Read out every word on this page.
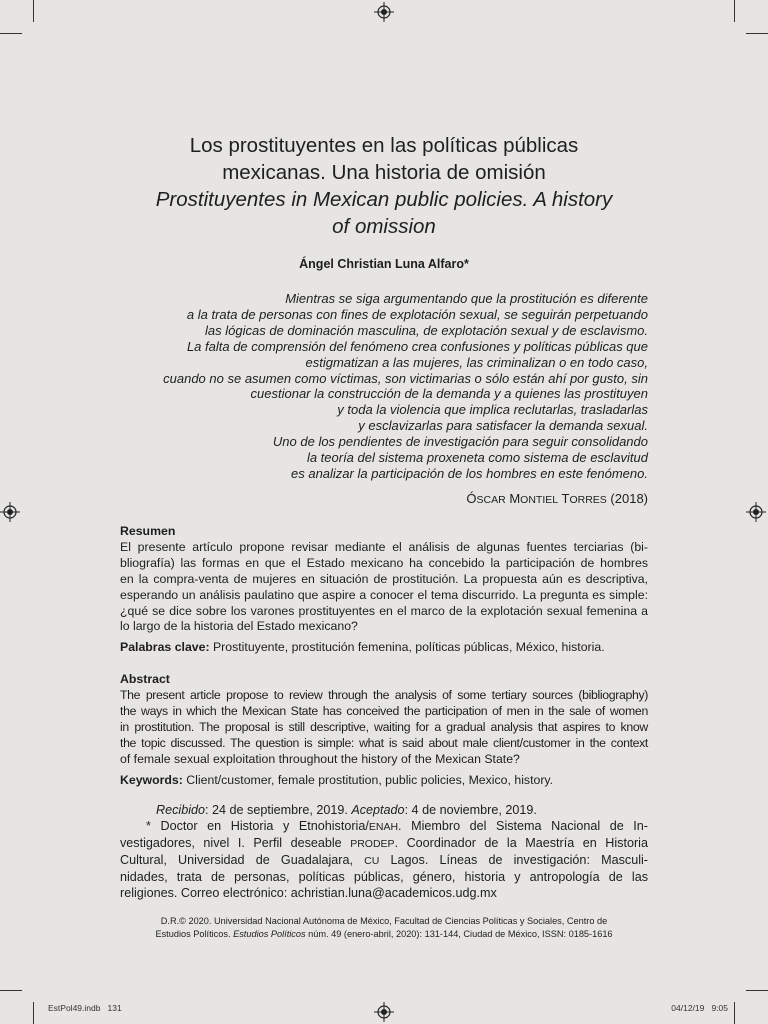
Los prostituyentes en las políticas públicas
mexicanas. Una historia de omisión
Prostituyentes in Mexican public policies. A history
of omission
Ángel Christian Luna Alfaro*
Mientras se siga argumentando que la prostitución es diferente
a la trata de personas con fines de explotación sexual, se seguirán perpetuando
las lógicas de dominación masculina, de explotación sexual y de esclavismo.
La falta de comprensión del fenómeno crea confusiones y políticas públicas que
estigmatizan a las mujeres, las criminalizan o en todo caso,
cuando no se asumen como víctimas, son victimarias o sólo están ahí por gusto, sin
cuestionar la construcción de la demanda y a quienes las prostituyen
y toda la violencia que implica reclutarlas, trasladarlas
y esclavizarlas para satisfacer la demanda sexual.
Uno de los pendientes de investigación para seguir consolidando
la teoría del sistema proxeneta como sistema de esclavitud
es analizar la participación de los hombres en este fenómeno.
ÓSCAR MONTIEL TORRES (2018)
Resumen
El presente artículo propone revisar mediante el análisis de algunas fuentes terciarias (bi-
bliografía) las formas en que el Estado mexicano ha concebido la participación de hombres
en la compra-venta de mujeres en situación de prostitución. La propuesta aún es descriptiva,
esperando un análisis paulatino que aspire a conocer el tema discurrido. La pregunta es simple:
¿qué se dice sobre los varones prostituyentes en el marco de la explotación sexual femenina a
lo largo de la historia del Estado mexicano?
Palabras clave: Prostituyente, prostitución femenina, políticas públicas, México, historia.
Abstract
The present article propose to review through the analysis of some tertiary sources (bibliography)
the ways in which the Mexican State has conceived the participation of men in the sale of women
in prostitution. The proposal is still descriptive, waiting for a gradual analysis that aspires to know
the topic discussed. The question is simple: what is said about male client/customer in the context
of female sexual exploitation throughout the history of the Mexican State?
Keywords: Client/customer, female prostitution, public policies, Mexico, history.
Recibido: 24 de septiembre, 2019. Aceptado: 4 de noviembre, 2019.
* Doctor en Historia y Etnohistoria/ENAH. Miembro del Sistema Nacional de In-
vestigadores, nivel I. Perfil deseable PRODEP. Coordinador de la Maestría en Historia
Cultural, Universidad de Guadalajara, CU Lagos. Líneas de investigación: Masculi-
nidades, trata de personas, políticas públicas, género, historia y antropología de las
religiones. Correo electrónico: achristian.luna@academicos.udg.mx
D.R.© 2020. Universidad Nacional Autónoma de México, Facultad de Ciencias Políticas y Sociales, Centro de
Estudios Políticos. Estudios Políticos núm. 49 (enero-abril, 2020): 131-144, Ciudad de México, ISSN: 0185-1616
EstPol49.indb   131	04/12/19   9:05
